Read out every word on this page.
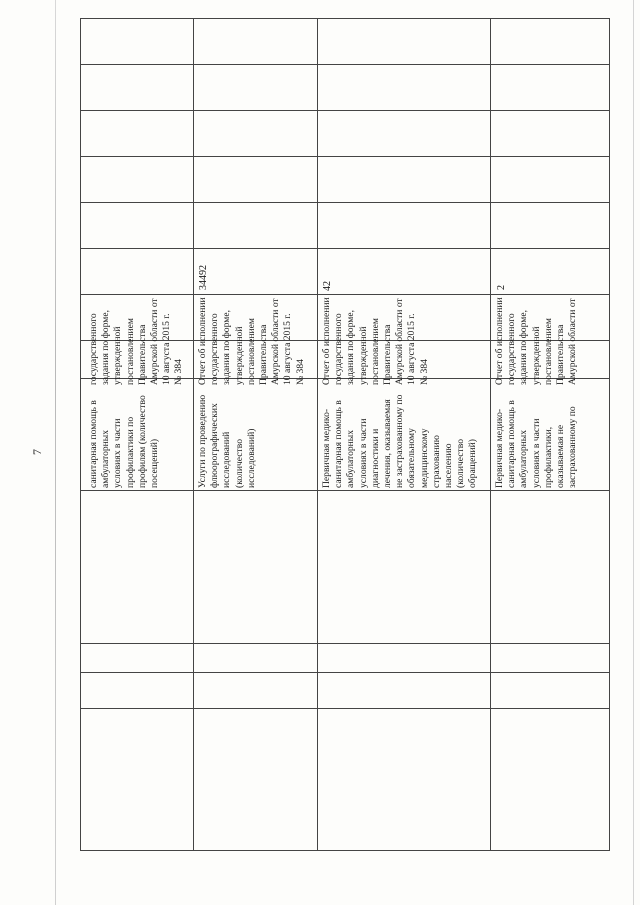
7	санитарная помощь в
амбулаторных
условиях в части
профилактики по
профилям (количество
посещений)
государственного
задания по форме,
утвержденной
постановлением
Правительства
Амурской области от
10 августа 2015 г.
№ 384
Услуги по проведению
флюорографических
исследований
(количество
исследований)
Отчет об исполнении
государственного
задания по форме,
утвержденной
постановлением
Правительства
Амурской области от
10 августа 2015 г.
№ 384
34492
Первичная медико-
санитарная помощь в
амбулаторных
условиях в части
диагностики и
лечения, оказываемая
не застрахованному по
обязательному
медицинскому
страхованию
населению
(количество
обращений)
Отчет об исполнении
государственного
задания по форме,
утвержденной
постановлением
Правительства
Амурской области от
10 августа 2015 г.
№ 384
42
Первичная медико-
санитарная помощь в
амбулаторных
условиях в части
профилактики,
оказываемая не
застрахованному по
Отчет об исполнении
государственного
задания по форме,
утвержденной
постановлением
Правительства
Амурской области от
2
